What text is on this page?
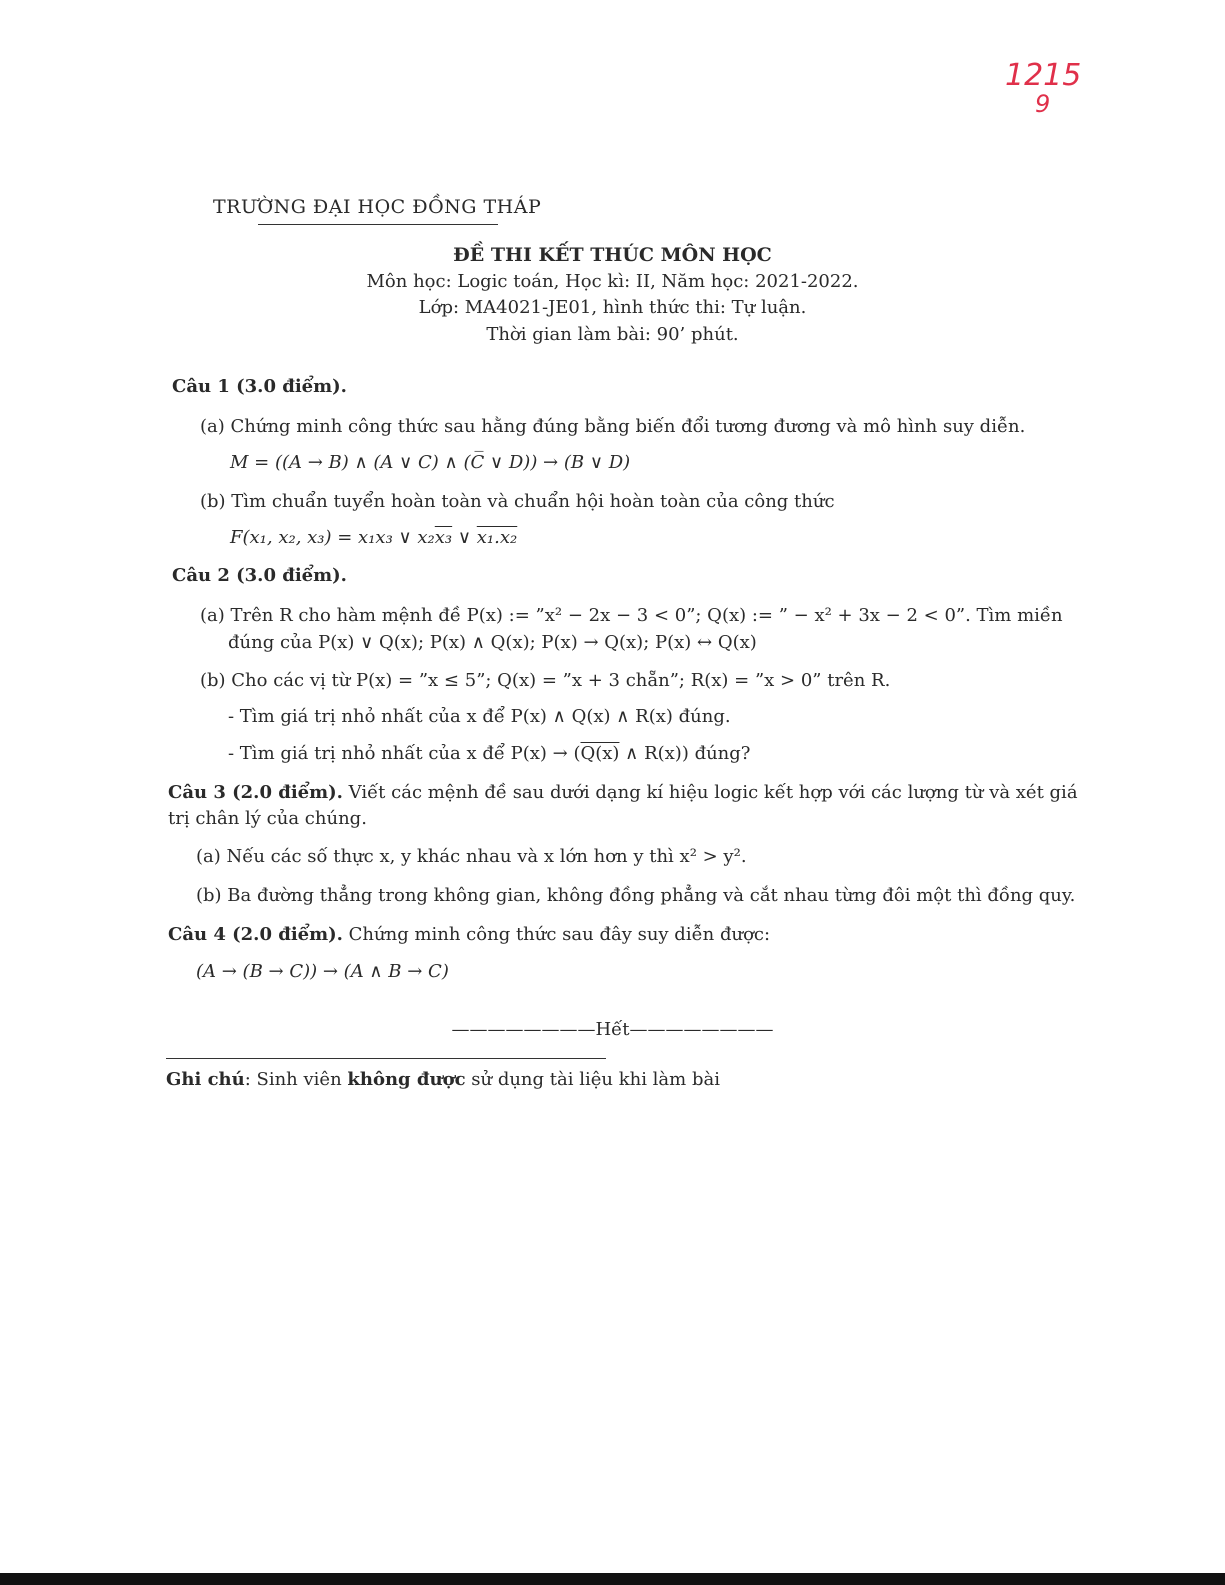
1215
9
TRƯỜNG ĐẠI HỌC ĐỒNG THÁP
ĐỀ THI KẾT THÚC MÔN HỌC
Môn học: Logic toán, Học kì: II, Năm học: 2021-2022.
Lớp: MA4021-JE01, hình thức thi: Tự luận.
Thời gian làm bài: 90’ phút.
Câu 1 (3.0 điểm).
(a) Chứng minh công thức sau hằng đúng bằng biến đổi tương đương và mô hình suy diễn.
M = ((A → B) ∧ (A ∨ C) ∧ (C̅ ∨ D)) → (B ∨ D)
(b) Tìm chuẩn tuyển hoàn toàn và chuẩn hội hoàn toàn của công thức
F(x₁, x₂, x₃) = x₁x₃ ∨ x₂x₃ ∨ x₁.x₂
Câu 2 (3.0 điểm).
(a) Trên R cho hàm mệnh đề P(x) := ”x² − 2x − 3 < 0”; Q(x) := ” − x² + 3x − 2 < 0”. Tìm miền
đúng của P(x) ∨ Q(x); P(x) ∧ Q(x); P(x) → Q(x); P(x) ↔ Q(x)
(b) Cho các vị từ P(x) = ”x ≤ 5”; Q(x) = ”x + 3 chẵn”; R(x) = ”x > 0” trên R.
- Tìm giá trị nhỏ nhất của x để P(x) ∧ Q(x) ∧ R(x) đúng.
- Tìm giá trị nhỏ nhất của x để P(x) → (Q(x) ∧ R(x)) đúng?
Câu 3 (2.0 điểm). Viết các mệnh đề sau dưới dạng kí hiệu logic kết hợp với các lượng từ và xét giá
trị chân lý của chúng.
(a) Nếu các số thực x, y khác nhau và x lớn hơn y thì x² > y².
(b) Ba đường thẳng trong không gian, không đồng phẳng và cắt nhau từng đôi một thì đồng quy.
Câu 4 (2.0 điểm). Chứng minh công thức sau đây suy diễn được:
(A → (B → C)) → (A ∧ B → C)
————————Hết————————
Ghi chú: Sinh viên không được sử dụng tài liệu khi làm bài
